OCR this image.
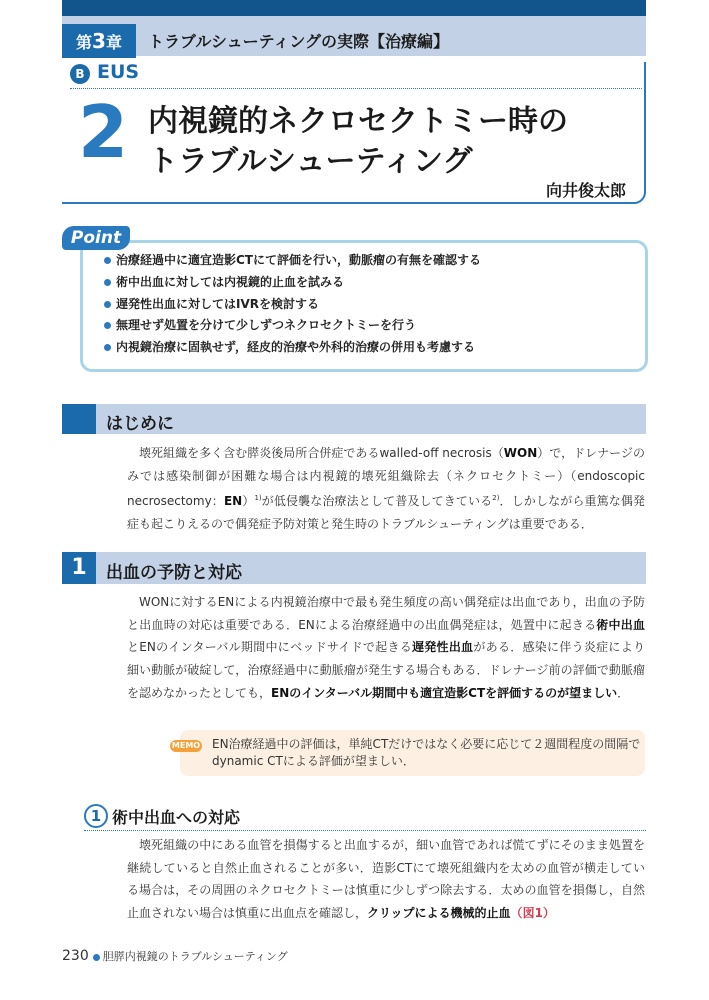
第3章	トラブルシューティングの実際【治療編】
B EUS
2 内視鏡的ネクロセクトミー時の
トラブルシューティング
向井俊太郎
Point
治療経過中に適宜造影CTにて評価を行い，動脈瘤の有無を確認する
術中出血に対しては内視鏡的止血を試みる
遅発性出血に対してはIVRを検討する
無理せず処置を分けて少しずつネクロセクトミーを行う
内視鏡治療に固執せず，経皮的治療や外科的治療の併用も考慮する
はじめに

壊死組織を多く含む膵炎後局所合併症であるwalled-off necrosis（WON）で，ドレナージのみでは感染制御が困難な場合は内視鏡的壊死組織除去（ネクロセクトミー）（endoscopic necrosectomy：EN）$^{1)}$が低侵襲な治療法として普及してきている$^{2)}$．しかしながら重篤な偶発症も起こりえるので偶発症予防対策と発生時のトラブルシューティングは重要である．

1	出血の予防と対応

WONに対するENによる内視鏡治療中で最も発生頻度の高い偶発症は出血であり，出血の予防と出血時の対応は重要である．ENによる治療経過中の出血偶発症は，処置中に起きる術中出血とENのインターバル期間中にベッドサイドで起きる遅発性出血がある．感染に伴う炎症により細い動脈が破綻して，治療経過中に動脈瘤が発生する場合もある．ドレナージ前の評価で動脈瘤を認めなかったとしても，ENのインターバル期間中も適宜造影CTを評価するのが望ましい．

MEMO EN治療経過中の評価は，単純CTだけではなく必要に応じて２週間程度の間隔で
dynamic CTによる評価が望ましい．
1 術中出血への対応

壊死組織の中にある血管を損傷すると出血するが，細い血管であれば慌てずにそのまま処置を継続していると自然止血されることが多い．造影CTにて壊死組織内を太めの血管が横走している場合は，その周囲のネクロセクトミーは慎重に少しずつ除去する．太めの血管を損傷し，自然止血されない場合は慎重に出血点を確認し，クリップによる機械的止血（図1）

230 胆膵内視鏡のトラブルシューティング
